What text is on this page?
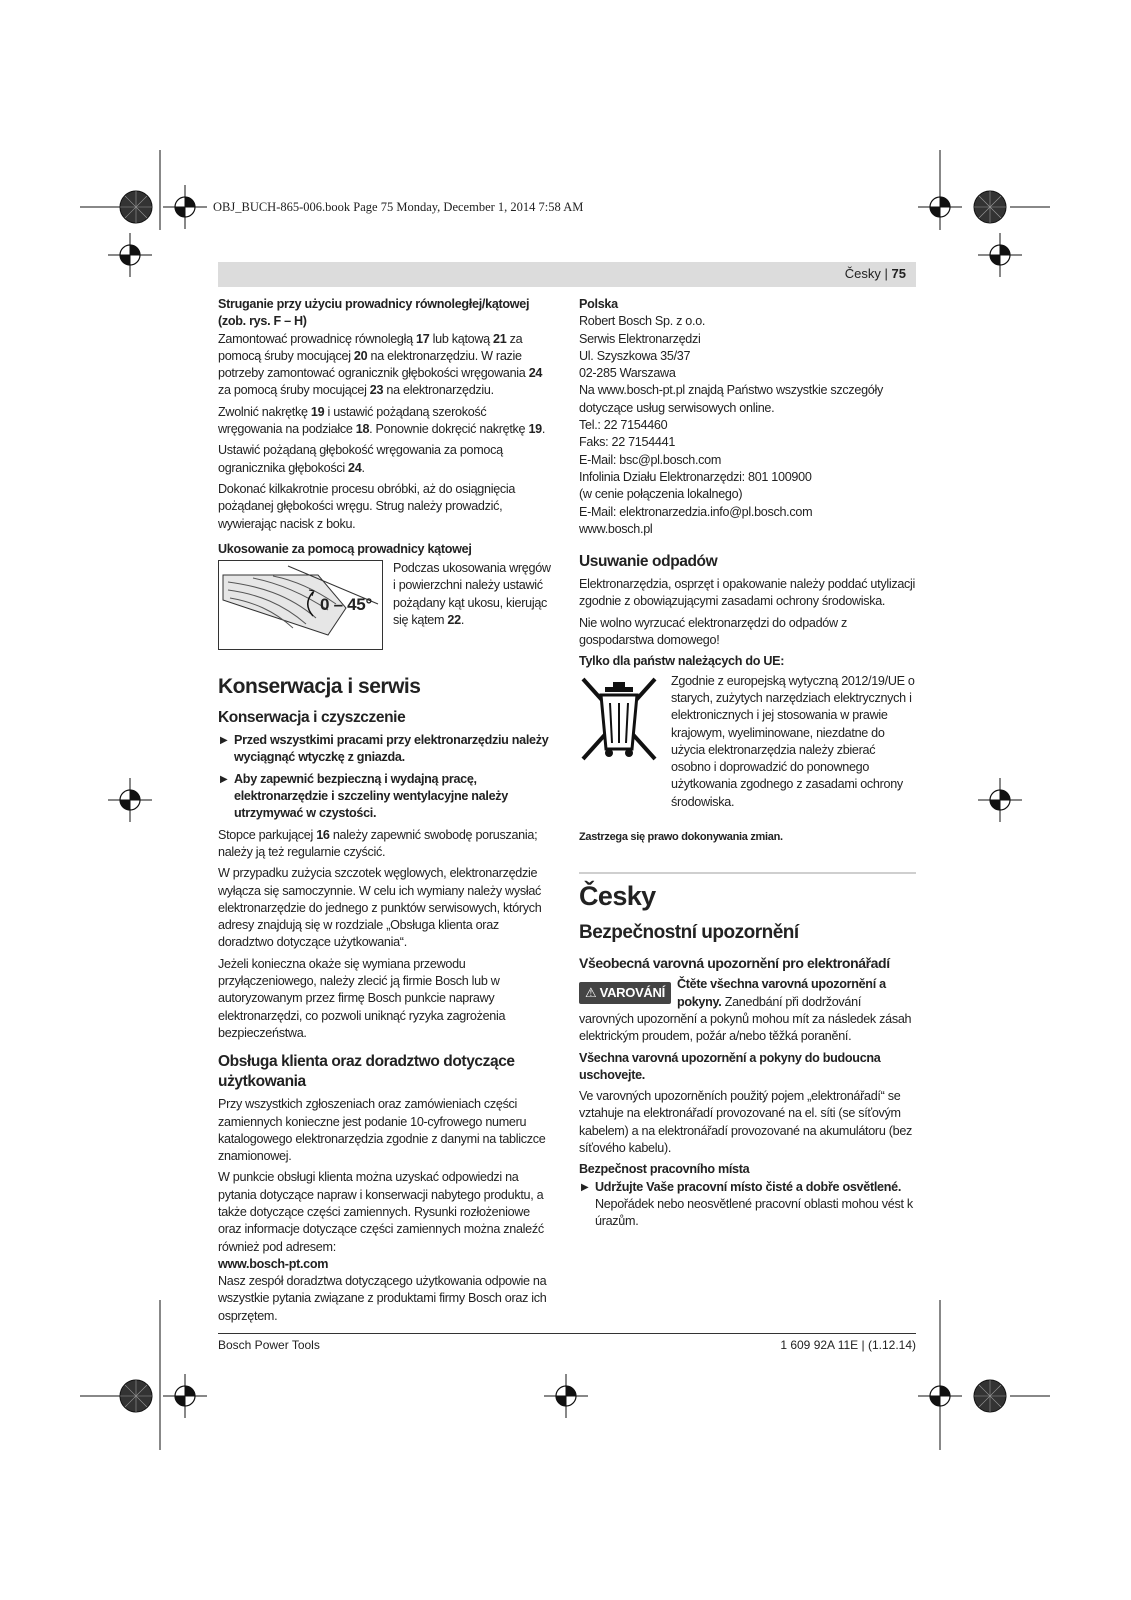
OBJ_BUCH-865-006.book Page 75 Monday, December 1, 2014 7:58 AM
Česky | 75

Struganie przy użyciu prowadnicy równoległej/kątowej (zob. rys. F – H)

Zamontować prowadnicę równoległą 17 lub kątową 21 za pomocą śruby mocującej 20 na elektronarzędziu. W razie potrzeby zamontować ogranicznik głębokości wręgowania 24 za pomocą śruby mocującej 23 na elektronarzędziu.

Zwolnić nakrętkę 19 i ustawić pożądaną szerokość wręgowania na podziałce 18. Ponownie dokręcić nakrętkę 19.

Ustawić pożądaną głębokość wręgowania za pomocą ogranicznika głębokości 24.

Dokonać kilkakrotnie procesu obróbki, aż do osiągnięcia pożądanej głębokości wręgu. Strug należy prowadzić, wywierając nacisk z boku.

Ukosowanie za pomocą prowadnicy kątowej

0 – 45°
Podczas ukosowania wręgów i powierzchni należy ustawić pożądany kąt ukosu, kierując się kątem 22.
Konserwacja i serwis
Konserwacja i czyszczenie
▶ Przed wszystkimi pracami przy elektronarzędziu należy wyciągnąć wtyczkę z gniazda.
▶ Aby zapewnić bezpieczną i wydajną pracę, elektronarzędzie i szczeliny wentylacyjne należy utrzymywać w czystości.

Stopce parkującej 16 należy zapewnić swobodę poruszania; należy ją też regularnie czyścić.

W przypadku zużycia szczotek węglowych, elektronarzędzie wyłącza się samoczynnie. W celu ich wymiany należy wysłać elektronarzędzie do jednego z punktów serwisowych, których adresy znajdują się w rozdziale „Obsługa klienta oraz doradztwo dotyczące użytkowania“.

Jeżeli konieczna okaże się wymiana przewodu przyłączeniowego, należy zlecić ją firmie Bosch lub w autoryzowanym przez firmę Bosch punkcie naprawy elektronarzędzi, co pozwoli uniknąć ryzyka zagrożenia bezpieczeństwa.

Obsługa klienta oraz doradztwo dotyczące użytkowania

Przy wszystkich zgłoszeniach oraz zamówieniach części zamiennych konieczne jest podanie 10-cyfrowego numeru katalogowego elektronarzędzia zgodnie z danymi na tabliczce znamionowej.

W punkcie obsługi klienta można uzyskać odpowiedzi na pytania dotyczące napraw i konserwacji nabytego produktu, a także dotyczące części zamiennych. Rysunki rozłożeniowe oraz informacje dotyczące części zamiennych można znaleźć również pod adresem:

www.bosch-pt.com

Nasz zespół doradztwa dotyczącego użytkowania odpowie na wszystkie pytania związane z produktami firmy Bosch oraz ich osprzętem.

Polska

Robert Bosch Sp. z o.o.
Serwis Elektronarzędzi
Ul. Szyszkowa 35/37
02-285 Warszawa
Na www.bosch-pt.pl znajdą Państwo wszystkie szczegóły dotyczące usług serwisowych online.
Tel.: 22 7154460
Faks: 22 7154441
E-Mail: bsc@pl.bosch.com
Infolinia Działu Elektronarzędzi: 801 100900
(w cenie połączenia lokalnego)
E-Mail: elektronarzedzia.info@pl.bosch.com
www.bosch.pl
Usuwanie odpadów

Elektronarzędzia, osprzęt i opakowanie należy poddać utylizacji zgodnie z obowiązującymi zasadami ochrony środowiska.

Nie wolno wyrzucać elektronarzędzi do odpadów z gospodarstwa domowego!

Tylko dla państw należących do UE:

Zgodnie z europejską wytyczną 2012/19/UE o starych, zużytych narzędziach elektrycznych i elektronicznych i jej stosowania w prawie krajowym, wyeliminowane, niezdatne do użycia elektronarzędzia należy zbierać osobno i doprowadzić do ponownego użytkowania zgodnego z zasadami ochrony środowiska.
Zastrzega się prawo dokonywania zmian.
Česky
Bezpečnostní upozornění
Všeobecná varovná upozornění pro elektronářadí
⚠ VAROVÁNÍ
Čtěte všechna varovná upozornění a pokyny. Zanedbání při dodržování varovných upozornění a pokynů mohou mít za následek zásah elektrickým proudem, požár a/nebo těžká poranění.

Všechna varovná upozornění a pokyny do budoucna uschovejte.

Ve varovných upozorněních použitý pojem „elektronářadí“ se vztahuje na elektronářadí provozované na el. síti (se síťovým kabelem) a na elektronářadí provozované na akumulátoru (bez síťového kabelu).

Bezpečnost pracovního místa

▶ Udržujte Vaše pracovní místo čisté a dobře osvětlené. Nepořádek nebo neosvětlené pracovní oblasti mohou vést k úrazům.
Bosch Power Tools	1 609 92A 11E | (1.12.14)
